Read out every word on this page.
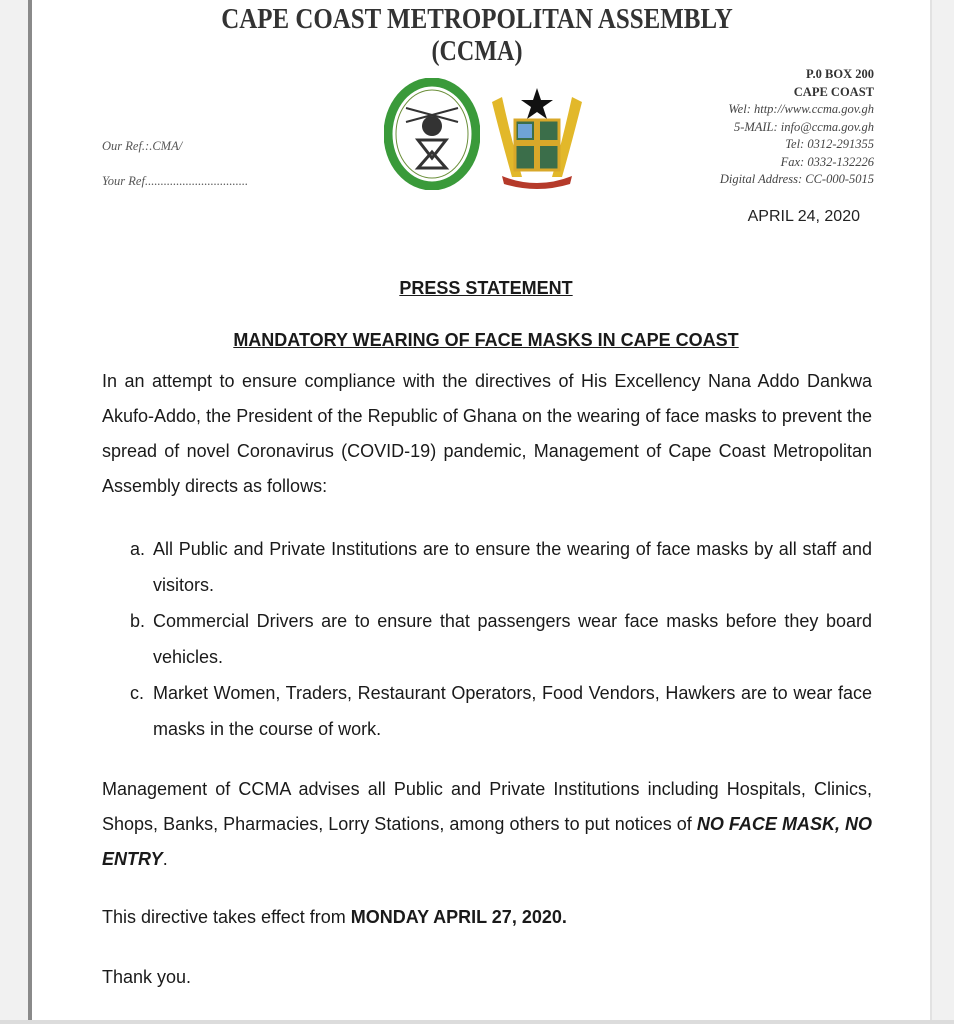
CAPE COAST METROPOLITAN ASSEMBLY
(CCMA)
P.0 BOX 200
CAPE COAST
Wel: http://www.ccma.gov.gh
5-MAIL: info@ccma.gov.gh
Tel: 0312-291355
Fax: 0332-132226
Digital Address: CC-000-5015
Our Ref.:.CMA/
Your Ref.................................
APRIL 24, 2020
PRESS STATEMENT
MANDATORY WEARING OF FACE MASKS IN CAPE COAST
In an attempt to ensure compliance with the directives of His Excellency Nana Addo Dankwa Akufo-Addo, the President of the Republic of Ghana on the wearing of face masks to prevent the spread of novel Coronavirus (COVID-19) pandemic, Management of Cape Coast Metropolitan Assembly directs as follows:
a. All Public and Private Institutions are to ensure the wearing of face masks by all staff and visitors.
b. Commercial Drivers are to ensure that passengers wear face masks before they board vehicles.
c. Market Women, Traders, Restaurant Operators, Food Vendors, Hawkers are to wear face masks in the course of work.
Management of CCMA advises all Public and Private Institutions including Hospitals, Clinics, Shops, Banks, Pharmacies, Lorry Stations, among others to put notices of NO FACE MASK, NO ENTRY.
This directive takes effect from MONDAY APRIL 27, 2020.
Thank you.
